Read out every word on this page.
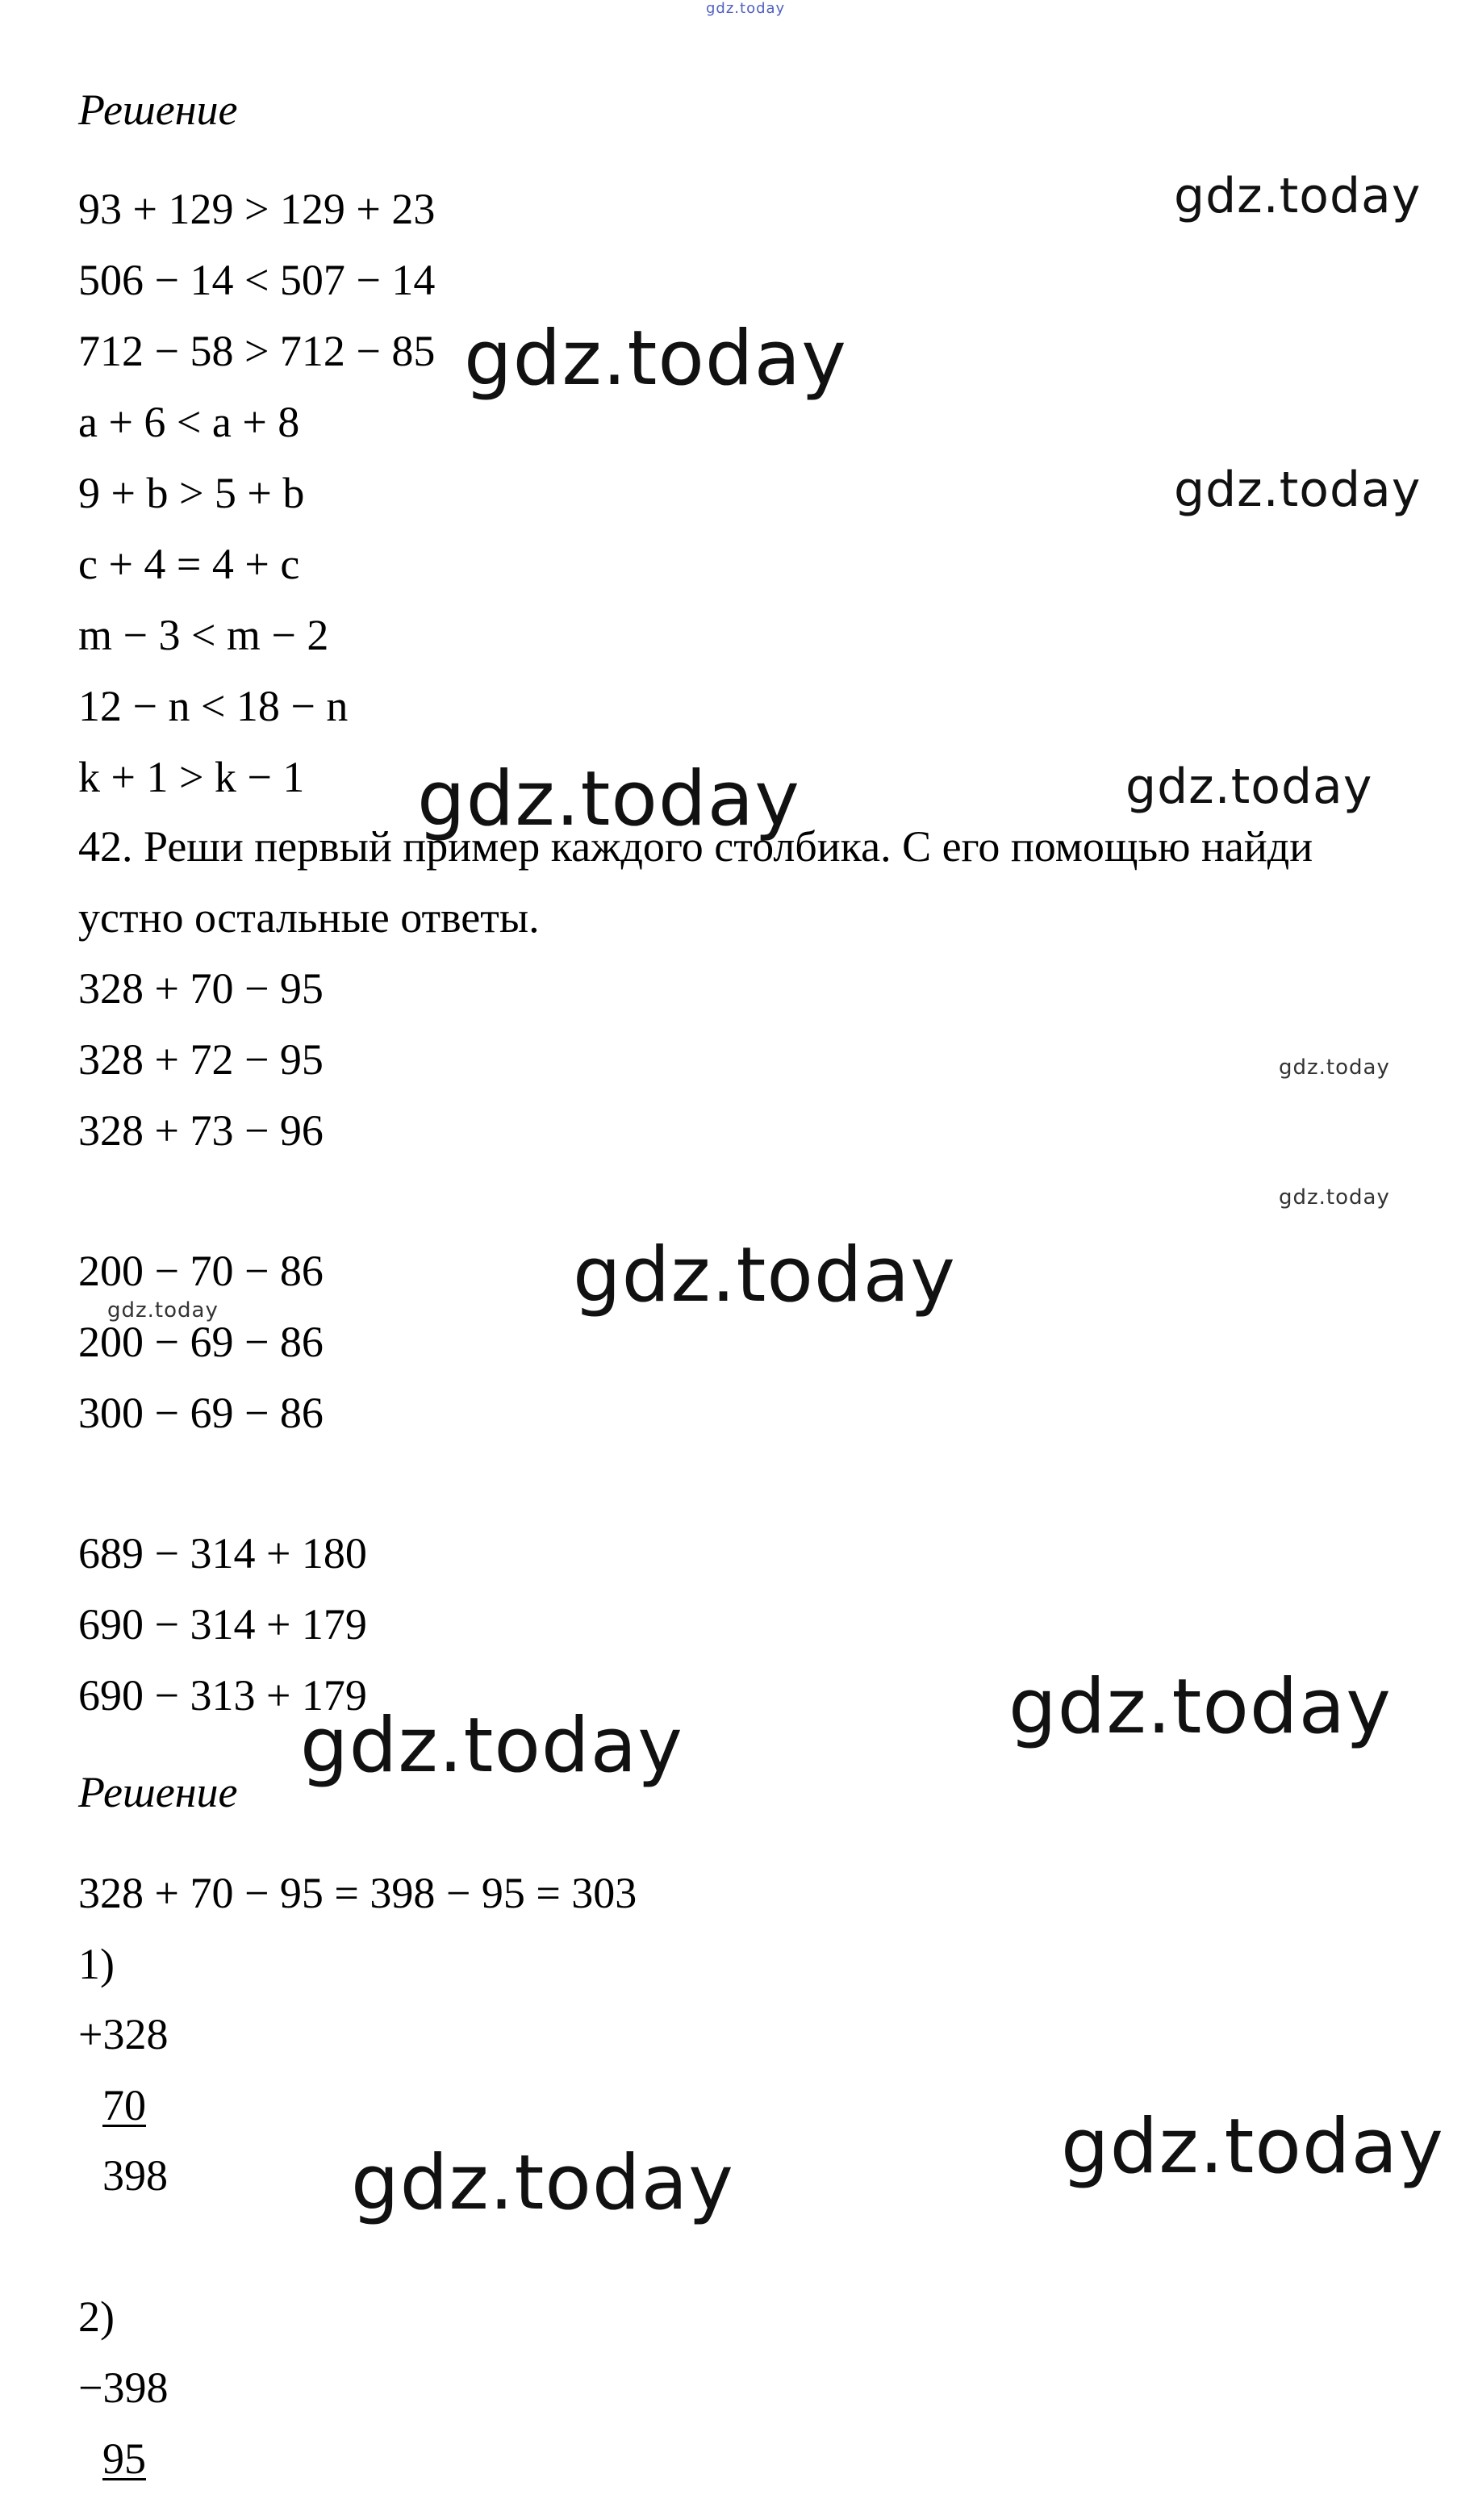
gdz.today
Решение
93 + 129 > 129 + 23
506 − 14 < 507 − 14
712 − 58 > 712 − 85
a + 6 < a + 8
9 + b > 5 + b
c + 4 = 4 + c
m − 3 < m − 2
12 − n < 18 − n
k + 1 > k − 1
42. Реши первый пример каждого столбика. С его помощью найди
устно остальные ответы.
328 + 70 − 95
328 + 72 − 95
328 + 73 − 96
200 − 70 − 86
200 − 69 − 86
300 − 69 − 86
689 − 314 + 180
690 − 314 + 179
690 − 313 + 179
Решение
328 + 70 − 95 = 398 − 95 = 303
1)
+328
70
398
2)
−398
95
gdz.today
gdz.today
gdz.today
gdz.today	gdz.today
gdz.today
gdz.today
gdz.today
gdz.today
gdz.today
gdz.today
gdz.today
gdz.today
